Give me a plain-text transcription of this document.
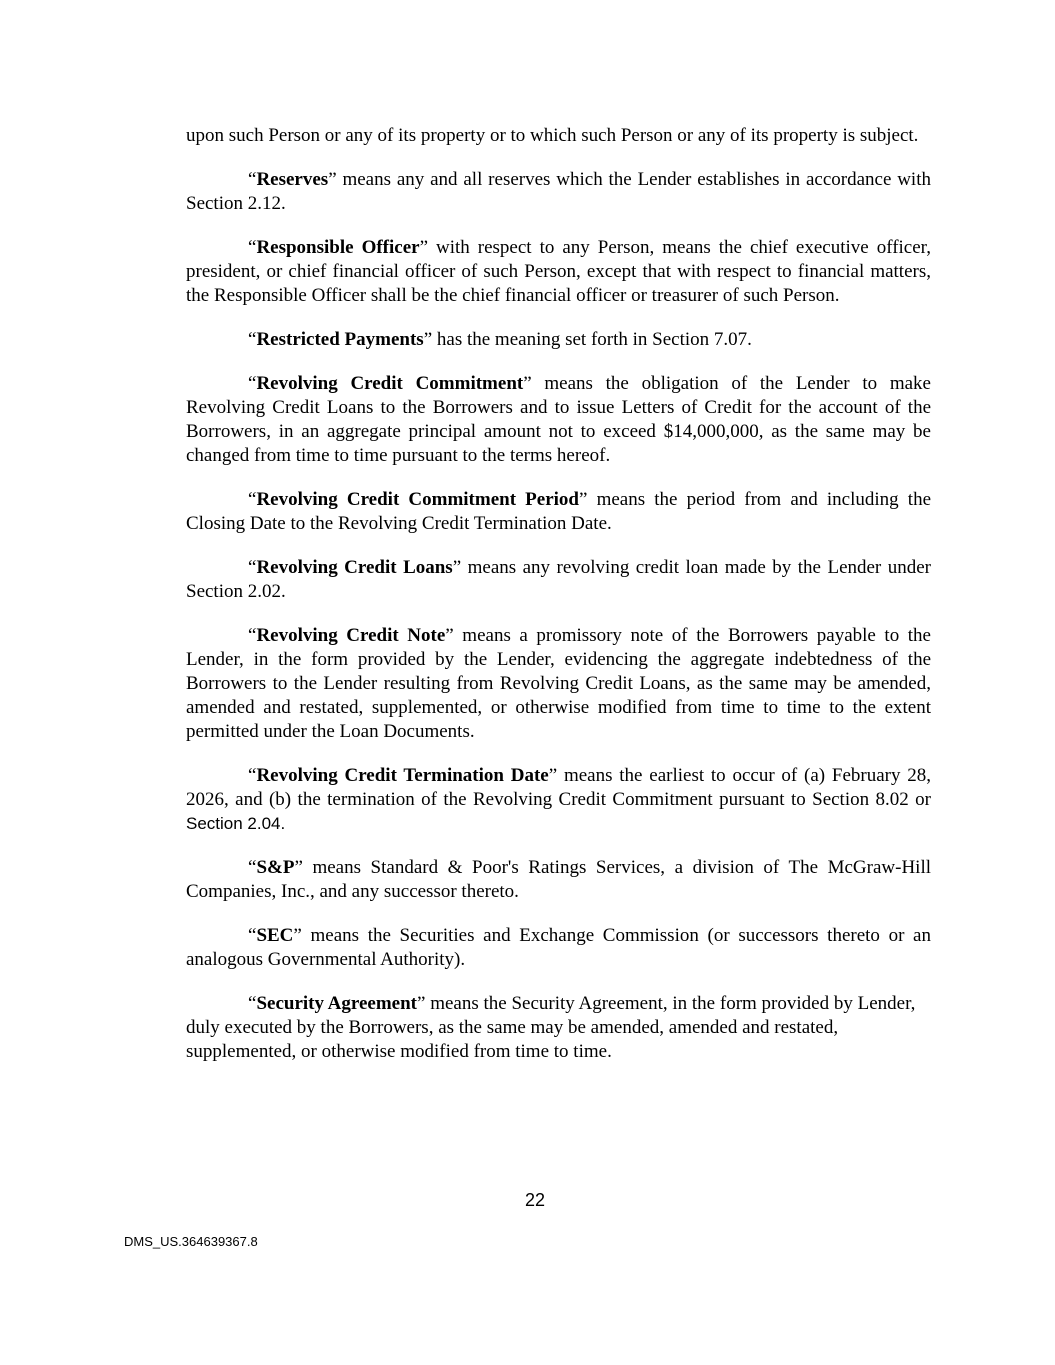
upon such Person or any of its property or to which such Person or any of its property is subject.

“Reserves” means any and all reserves which the Lender establishes in accordance with Section 2.12.

“Responsible Officer” with respect to any Person, means the chief executive officer, president, or chief financial officer of such Person, except that with respect to financial matters, the Responsible Officer shall be the chief financial officer or treasurer of such Person.

“Restricted Payments” has the meaning set forth in Section 7.07.

“Revolving Credit Commitment” means the obligation of the Lender to make Revolving Credit Loans to the Borrowers and to issue Letters of Credit for the account of the Borrowers, in an aggregate principal amount not to exceed $14,000,000, as the same may be changed from time to time pursuant to the terms hereof.

“Revolving Credit Commitment Period” means the period from and including the Closing Date to the Revolving Credit Termination Date.

“Revolving Credit Loans” means any revolving credit loan made by the Lender under Section 2.02.

“Revolving Credit Note” means a promissory note of the Borrowers payable to the Lender, in the form provided by the Lender, evidencing the aggregate indebtedness of the Borrowers to the Lender resulting from Revolving Credit Loans, as the same may be amended, amended and restated, supplemented, or otherwise modified from time to time to the extent permitted under the Loan Documents.

“Revolving Credit Termination Date” means the earliest to occur of (a) February 28, 2026, and (b) the termination of the Revolving Credit Commitment pursuant to Section 8.02 or Section 2.04.

“S&P” means Standard & Poor's Ratings Services, a division of The McGraw-Hill Companies, Inc., and any successor thereto.

“SEC” means the Securities and Exchange Commission (or successors thereto or an analogous Governmental Authority).

“Security Agreement” means the Security Agreement, in the form provided by Lender, duly executed by the Borrowers, as the same may be amended, amended and restated, supplemented, or otherwise modified from time to time.

22
DMS_US.364639367.8
